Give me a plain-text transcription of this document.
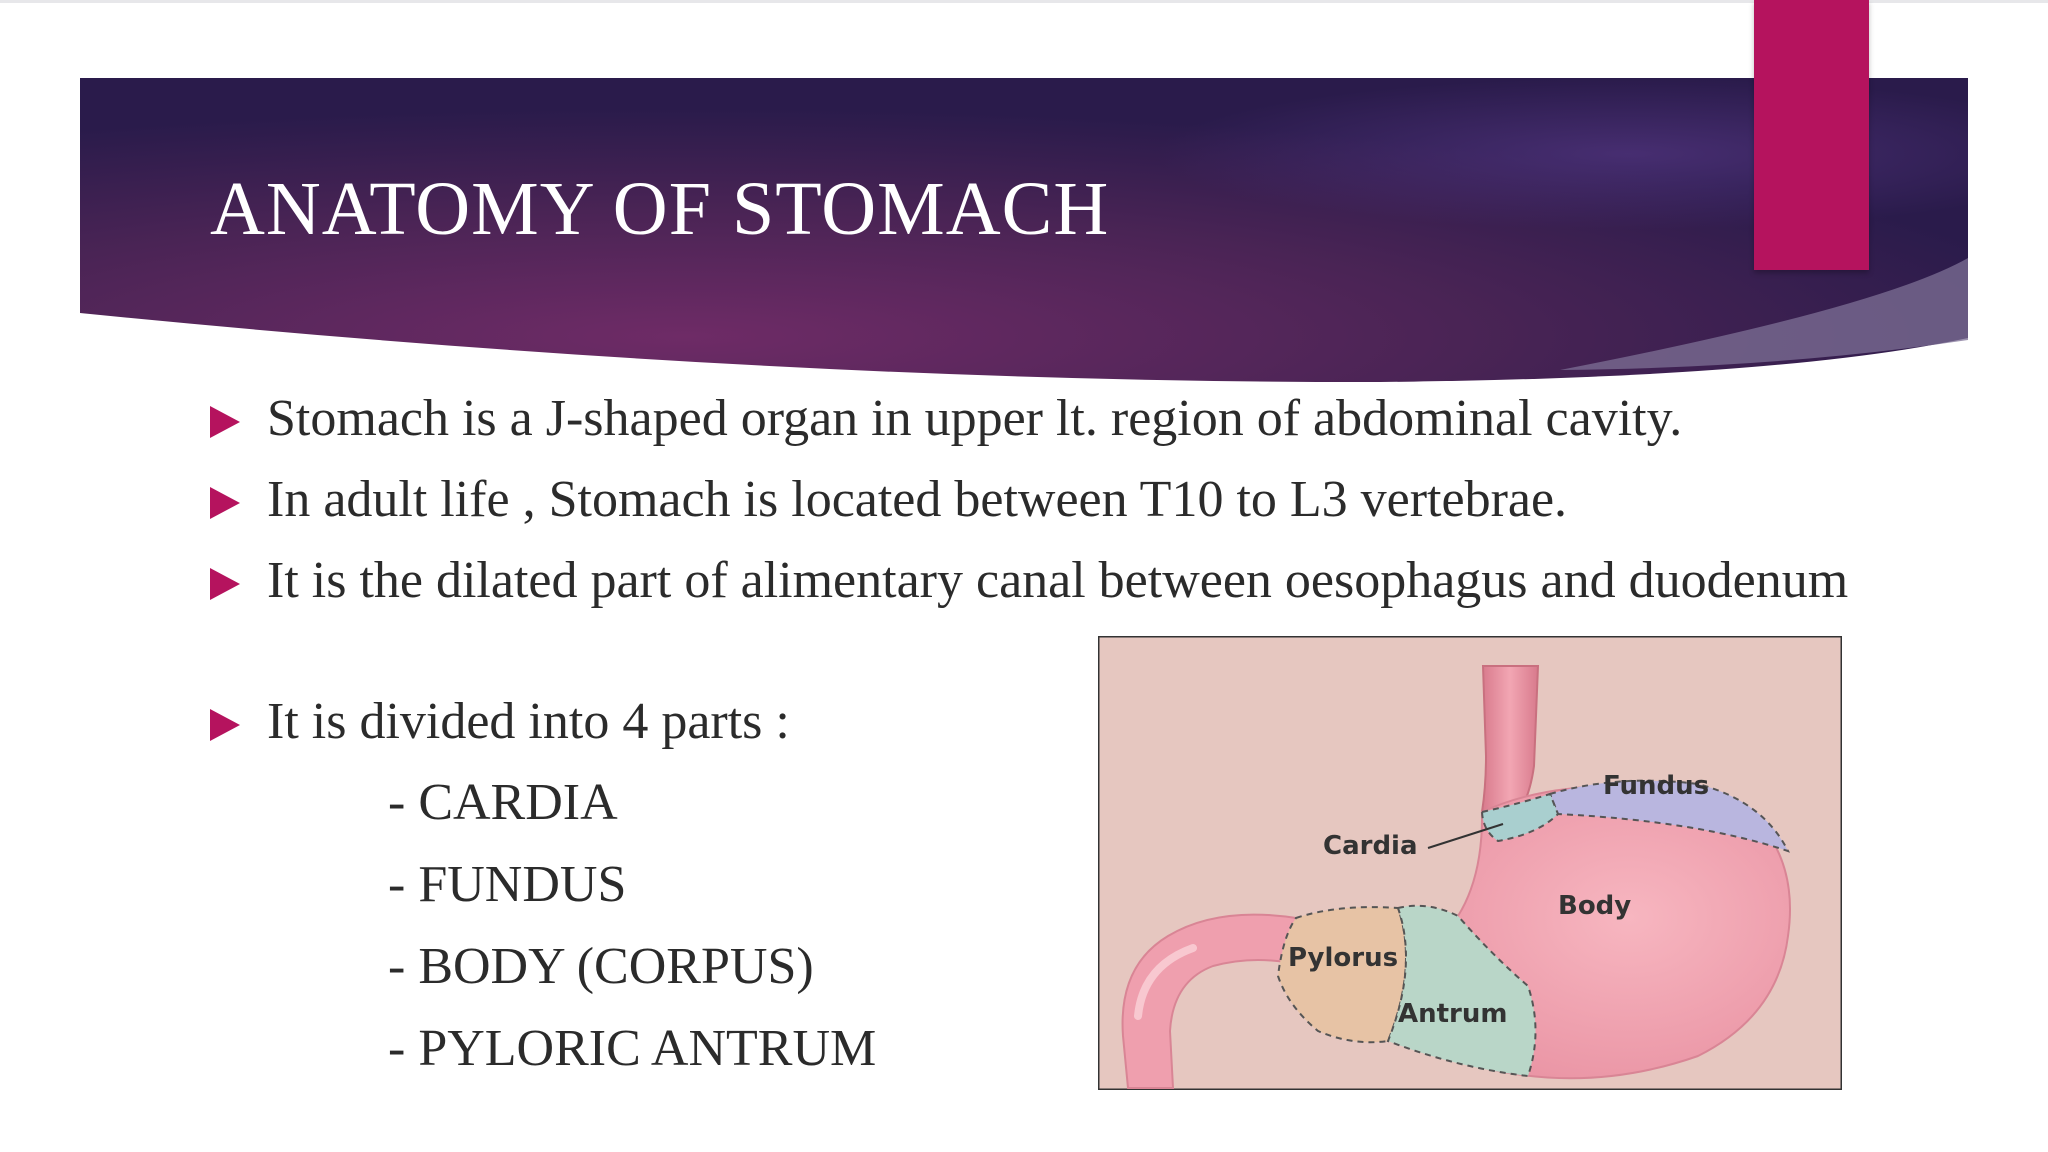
ANATOMY OF STOMACH
Stomach is a J-shaped organ in upper lt. region of abdominal cavity.
In adult life , Stomach is located between T10 to L3 vertebrae.
It is the dilated part of alimentary canal between oesophagus and duodenum
It is divided into 4 parts :
- CARDIA
- FUNDUS
- BODY (CORPUS)
- PYLORIC ANTRUM
Fundus
Cardia
Body
Pylorus
Antrum
